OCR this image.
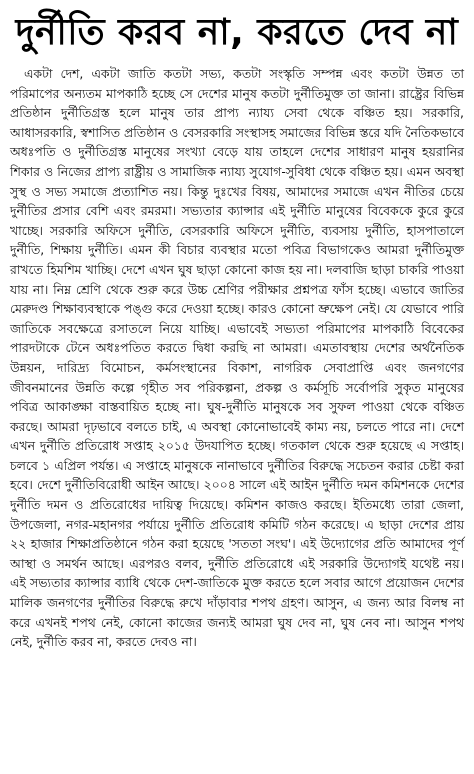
দুর্নীতি করব না, করতে দেব না

একটা দেশ, একটা জাতি কতটা সভ্য, কতটা সংস্কৃতি সম্পন্ন এবং কতটা উন্নত তা পরিমাপের অন্যতম মাপকাঠি হচ্ছে সে দেশের মানুষ কতটা দুর্নীতিমুক্ত তা জানা। রাষ্ট্রের বিভিন্ন প্রতিষ্ঠান দুর্নীতিগ্রস্ত হলে মানুষ তার প্রাপ্য ন্যায্য সেবা থেকে বঞ্চিত হয়। সরকারি, আধাসরকারি, স্বশাসিত প্রতিষ্ঠান ও বেসরকারি সংস্থাসহ সমাজের বিভিন্ন স্তরে যদি নৈতিকভাবে অধঃপতি ও দুর্নীতিগ্রস্ত মানুষের সংখ্যা বেড়ে যায় তাহলে দেশের সাধারণ মানুষ হয়রানির শিকার ও নিজের প্রাপ্য রাষ্ট্রীয় ও সামাজিক ন্যায্য সুযোগ-সুবিধা থেকে বঞ্চিত হয়। এমন অবস্থা সুস্থ ও সভ্য সমাজে প্রত্যাশিত নয়। কিন্তু দুঃখের বিষয়, আমাদের সমাজে এখন নীতির চেয়ে দুর্নীতির প্রসার বেশি এবং রমরমা। সভ্যতার ক্যান্সার এই দুর্নীতি মানুষের বিবেককে কুরে কুরে খাচ্ছে। সরকারি অফিসে দুর্নীতি, বেসরকারি অফিসে দুর্নীতি, ব্যবসায় দুর্নীতি, হাসপাতালে দুর্নীতি, শিক্ষায় দুর্নীতি। এমন কী বিচার ব্যবস্থার মতো পবিত্র বিভাগকেও আমরা দুর্নীতিমুক্ত রাখতে হিমশিম খাচ্ছি। দেশে এখন ঘুষ ছাড়া কোনো কাজ হয় না। দলবাজি ছাড়া চাকরি পাওয়া যায় না। নিম্ন শ্রেণি থেকে শুরু করে উচ্চ শ্রেণির পরীক্ষার প্রশ্নপত্র ফাঁস হচ্ছে। এভাবে জাতির মেরুদণ্ড শিক্ষাব্যবস্থাকে পঙ্গু করে দেওয়া হচ্ছে। কারও কোনো ভ্রুক্ষেপ নেই। যে যেভাবে পারি জাতিকে সবক্ষেত্রে রসাতলে নিয়ে যাচ্ছি। এভাবেই সভ্যতা পরিমাপের মাপকাঠি বিবেকের পারদটাকে টেনে অধঃপতিত করতে দ্বিধা করছি না আমরা। এমতাবস্থায় দেশের অর্থনৈতিক উন্নয়ন, দারিদ্র্য বিমোচন, কর্মসংস্থানের বিকাশ, নাগরিক সেবাপ্রাপ্তি এবং জনগণের জীবনমানের উন্নতি কল্পে গৃহীত সব পরিকল্পনা, প্রকল্প ও কর্মসূচি সর্বোপরি সুকৃত মানুষের পবিত্র আকাঙ্ক্ষা বাস্তবায়িত হচ্ছে না। ঘুষ-দুর্নীতি মানুষকে সব সুফল পাওয়া থেকে বঞ্চিত করছে। আমরা দৃঢ়ভাবে বলতে চাই, এ অবস্থা কোনোভাবেই কাম্য নয়, চলতে পারে না। দেশে এখন দুর্নীতি প্রতিরোধ সপ্তাহ ২০১৫ উদযাপিত হচ্ছে। গতকাল থেকে শুরু হয়েছে এ সপ্তাহ। চলবে ১ এপ্রিল পর্যন্ত। এ সপ্তাহে মানুষকে নানাভাবে দুর্নীতির বিরুদ্ধে সচেতন করার চেষ্টা করা হবে। দেশে দুর্নীতিবিরোধী আইন আছে। ২০০৪ সালে এই আইন দুর্নীতি দমন কমিশনকে দেশের দুর্নীতি দমন ও প্রতিরোধের দায়িত্ব দিয়েছে। কমিশন কাজও করছে। ইতিমধ্যে তারা জেলা, উপজেলা, নগর-মহানগর পর্যায়ে দুর্নীতি প্রতিরোধ কমিটি গঠন করেছে। এ ছাড়া দেশের প্রায় ২২ হাজার শিক্ষাপ্রতিষ্ঠানে গঠন করা হয়েছে 'সততা সংঘ'। এই উদ্যোগের প্রতি আমাদের পূর্ণ আস্থা ও সমর্থন আছে। এরপরও বলব, দুর্নীতি প্রতিরোধে এই সরকারি উদ্যোগই যথেষ্ট নয়। এই সভ্যতার ক্যান্সার ব্যাধি থেকে দেশ-জাতিকে মুক্ত করতে হলে সবার আগে প্রয়োজন দেশের মালিক জনগণের দুর্নীতির বিরুদ্ধে রুখে দাঁড়াবার শপথ গ্রহণ। আসুন, এ জন্য আর বিলম্ব না করে এখনই শপথ নেই, কোনো কাজের জন্যই আমরা ঘুষ দেব না, ঘুষ নেব না। আসুন শপথ নেই, দুর্নীতি করব না, করতে দেবও না।
